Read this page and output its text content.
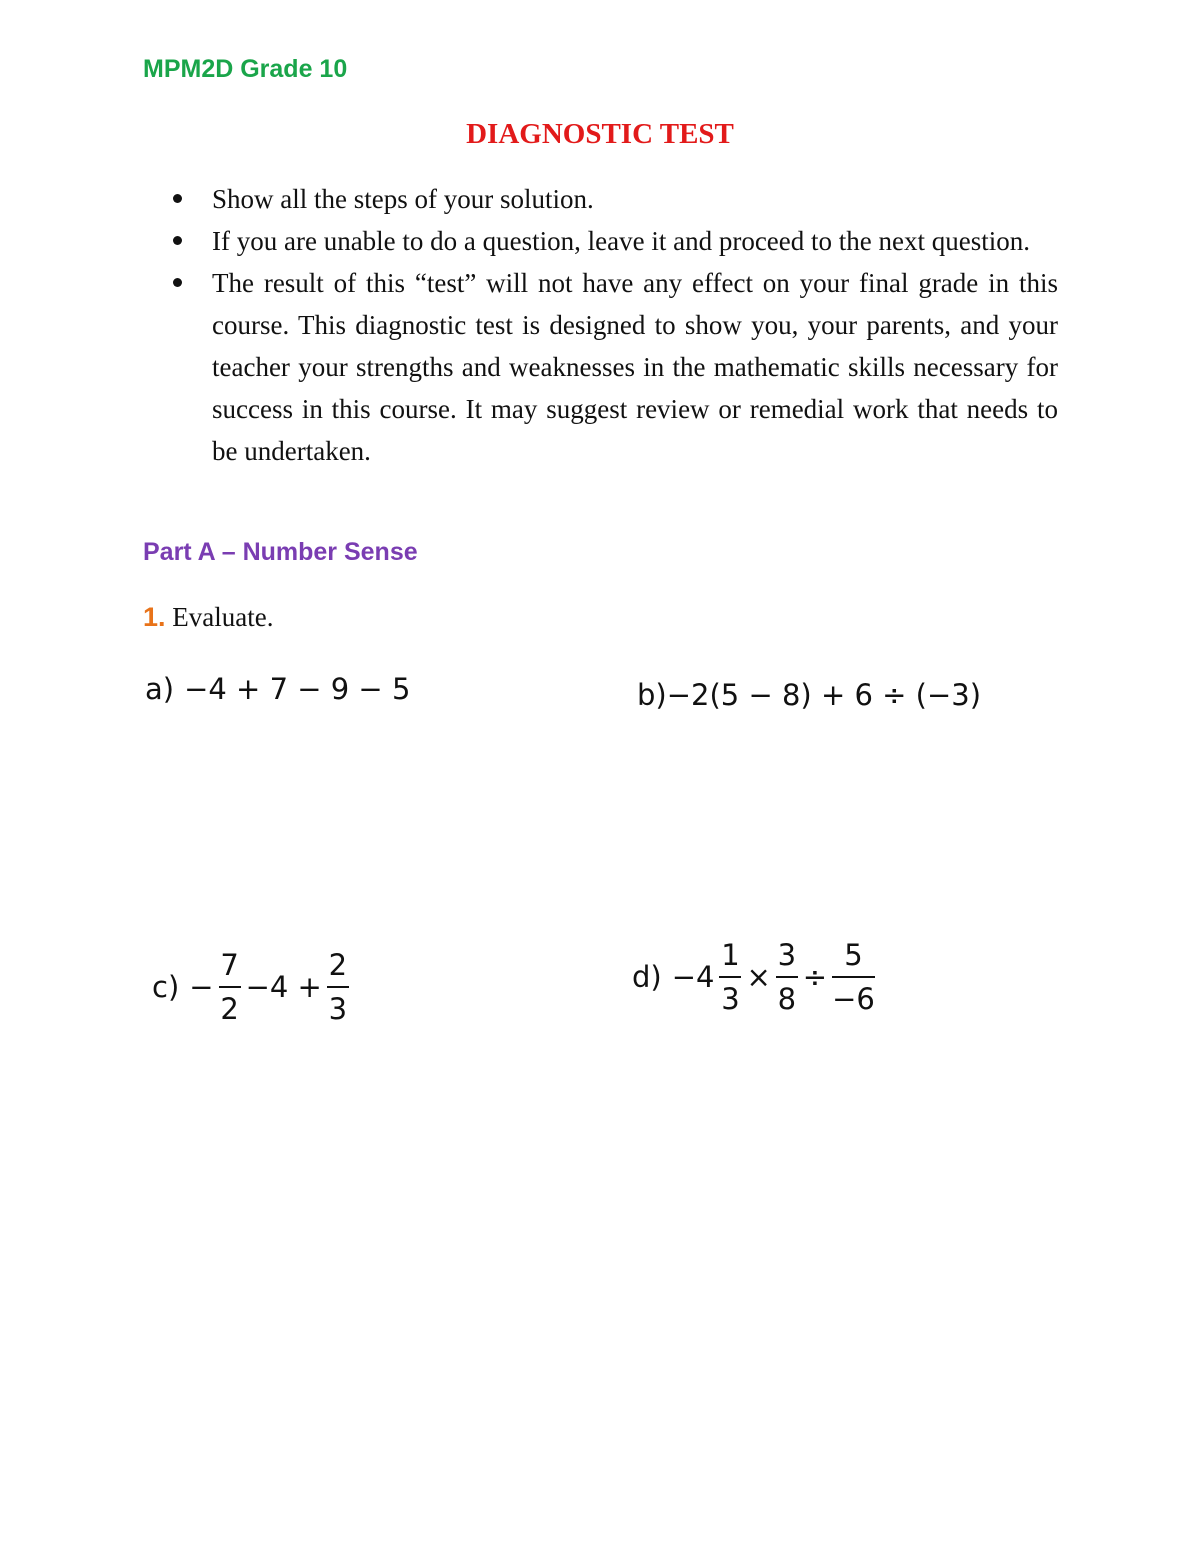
MPM2D Grade 10
DIAGNOSTIC TEST
Show all the steps of your solution.
If you are unable to do a question, leave it and proceed to the next question.
The result of this “test” will not have any effect on your final grade in this course. This diagnostic test is designed to show you, your parents, and your teacher your strengths and weaknesses in the mathematic skills necessary for success in this course. It may suggest review or remedial work that needs to be undertaken.
Part A – Number Sense
1. Evaluate.
a) −4 + 7 − 9 − 5	b) −2(5 − 8) + 6 ÷ (−3)
$c) - \frac{7}{2} -4 + \frac{2}{3}$	$d) -4 \frac{1}{3} \times \frac{3}{8} \div \frac{5}{-6}$
